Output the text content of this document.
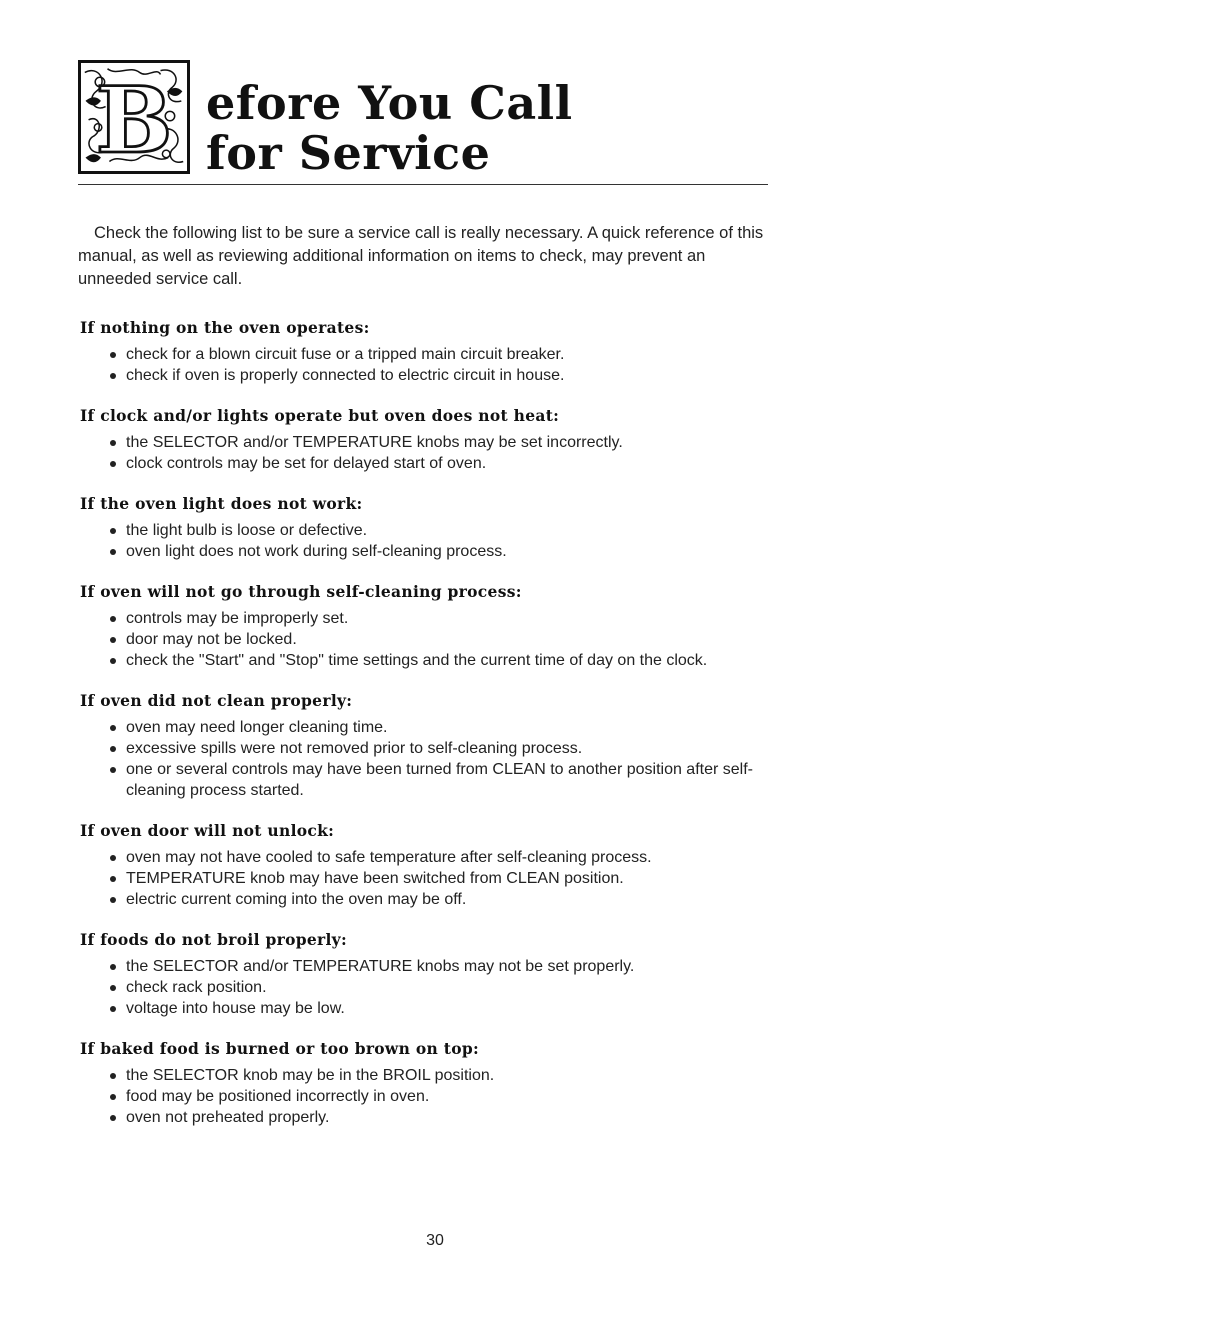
B efore You Call
for Service

Check the following list to be sure a service call is really necessary. A quick reference of this manual, as well as reviewing additional information on items to check, may prevent an unneeded service call.

If nothing on the oven operates:
check for a blown circuit fuse or a tripped main circuit breaker.
check if oven is properly connected to electric circuit in house.
If clock and/or lights operate but oven does not heat:
the SELECTOR and/or TEMPERATURE knobs may be set incorrectly.
clock controls may be set for delayed start of oven.
If the oven light does not work:
the light bulb is loose or defective.
oven light does not work during self-cleaning process.
If oven will not go through self-cleaning process:
controls may be improperly set.
door may not be locked.
check the "Start" and "Stop" time settings and the current time of day on the clock.
If oven did not clean properly:
oven may need longer cleaning time.
excessive spills were not removed prior to self-cleaning process.
one or several controls may have been turned from CLEAN to another position after self-cleaning process started.
If oven door will not unlock:
oven may not have cooled to safe temperature after self-cleaning process.
TEMPERATURE knob may have been switched from CLEAN position.
electric current coming into the oven may be off.
If foods do not broil properly:
the SELECTOR and/or TEMPERATURE knobs may not be set properly.
check rack position.
voltage into house may be low.
If baked food is burned or too brown on top:
the SELECTOR knob may be in the BROIL position.
food may be positioned incorrectly in oven.
oven not preheated properly.
30
